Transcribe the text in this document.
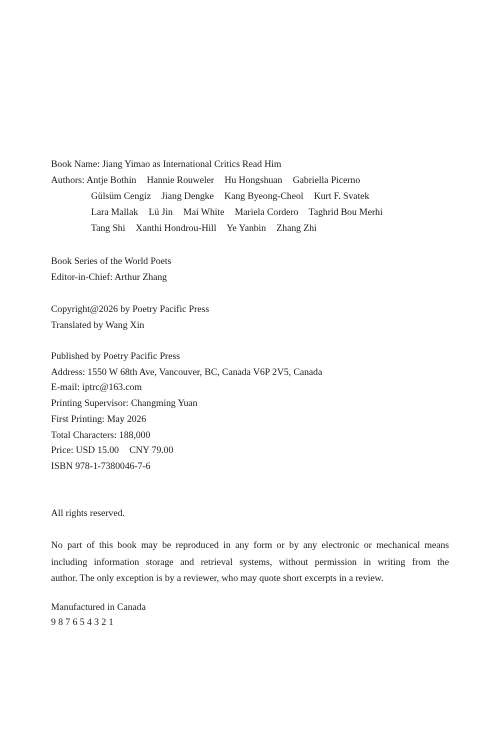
Book Name: Jiang Yimao as International Critics Read Him
Authors: Antje Bothin Hannie Rouweler Hu Hongshuan Gabriella Picerno
Gülsüm Cengiz Jiang Dengke Kang Byeong-Cheol Kurt F. Svatek
Lara Mallak Lü Jin Mai White Mariela Cordero Taghrid Bou Merhi
Tang Shi Xanthi Hondrou-Hill Ye Yanbin Zhang Zhi
Book Series of the World Poets
Editor-in-Chief: Arthur Zhang
Copyright@2026 by Poetry Pacific Press
Translated by Wang Xin
Published by Poetry Pacific Press
Address: 1550 W 68th Ave, Vancouver, BC, Canada V6P 2V5, Canada
E-mail: iptrc@163.com
Printing Supervisor: Changming Yuan
First Printing: May 2026
Total Characters: 188,000
Price: USD 15.00 CNY 79.00
ISBN 978-1-7380046-7-6
All rights reserved.
No part of this book may be reproduced in any form or by any electronic or mechanical means
including information storage and retrieval systems, without permission in writing from the
author. The only exception is by a reviewer, who may quote short excerpts in a review.
Manufactured in Canada
9 8 7 6 5 4 3 2 1
